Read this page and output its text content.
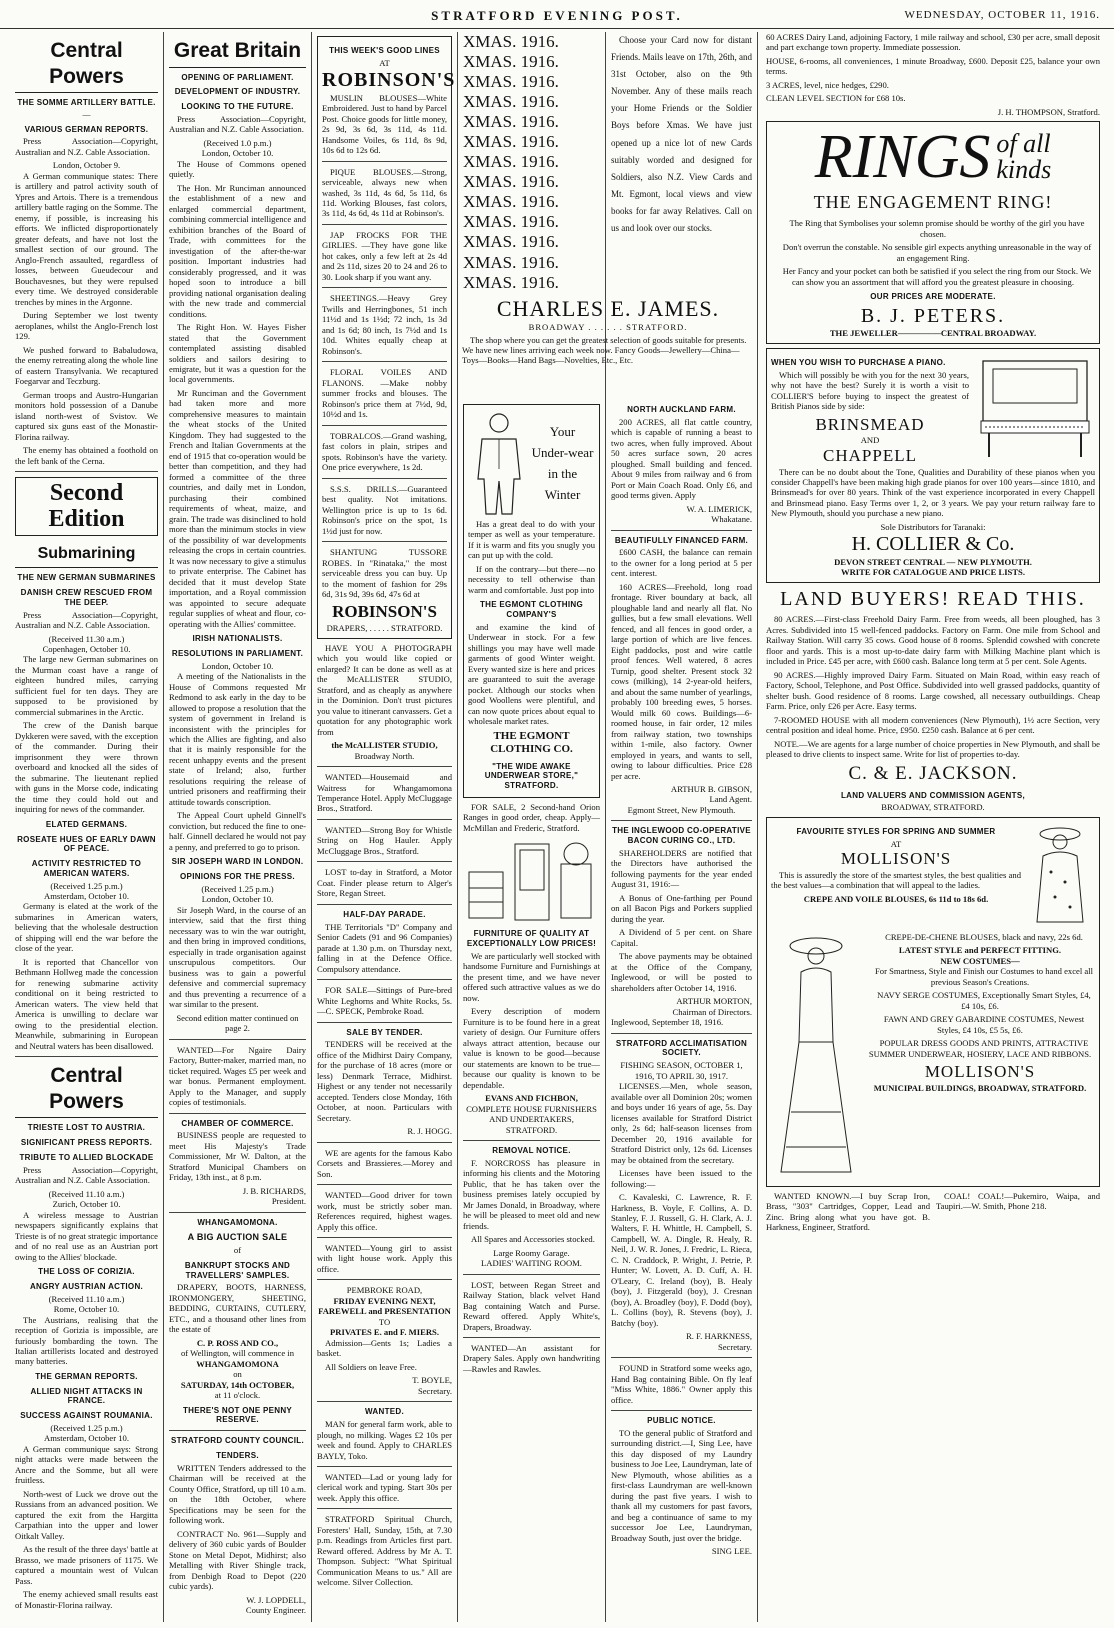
STRATFORD EVENING POST.	WEDNESDAY, OCTOBER 11, 1916.
Central Powers
THE SOMME ARTILLERY BATTLE.
—
VARIOUS GERMAN REPORTS.

Press Association—Copyright, Australian and N.Z. Cable Association.

London, October 9.

A German communique states: There is artillery and patrol activity south of Ypres and Artois. There is a tremendous artillery battle raging on the Somme. The enemy, if possible, is increasing his efforts. We inflicted disproportionately greater defeats, and have not lost the smallest section of our ground. The Anglo-French assaulted, regardless of losses, between Gueudecour and Bouchavesnes, but they were repulsed every time. We destroyed considerable trenches by mines in the Argonne.

During September we lost twenty aeroplanes, whilst the Anglo-French lost 129.

We pushed forward to Babaludowa, the enemy retreating along the whole line of eastern Transylvania. We recaptured Foegarvar and Teczburg.

German troops and Austro-Hungarian monitors hold possession of a Danube island north-west of Svistov. We captured six guns east of the Monastir-Florina railway.

The enemy has obtained a foothold on the left bank of the Cerna.

Second Edition
Submarining
THE NEW GERMAN SUBMARINES
DANISH CREW RESCUED FROM THE DEEP.

Press Association—Copyright, Australian and N.Z. Cable Association.

(Received 11.30 a.m.)
Copenhagen, October 10.

The large new German submarines on the Murman coast have a range of eighteen hundred miles, carrying sufficient fuel for ten days. They are supposed to be provisioned by commercial submarines in the Arctic.

The crew of the Danish barque Dykkeren were saved, with the exception of the commander. During their imprisonment they were thrown overboard and knocked all the sides of the submarine. The lieutenant replied with guns in the Morse code, indicating the time they could hold out and inquiring for news of the commander.

ELATED GERMANS.
ROSEATE HUES OF EARLY DAWN OF PEACE.
ACTIVITY RESTRICTED TO AMERICAN WATERS.
(Received 1.25 p.m.)
Amsterdam, October 10.

Germany is elated at the work of the submarines in American waters, believing that the wholesale destruction of shipping will end the war before the close of the year.

It is reported that Chancellor von Bethmann Hollweg made the concession for renewing submarine activity conditional on it being restricted to American waters. The view held that America is unwilling to declare war owing to the presidential election. Meanwhile, submarining in European and Neutral waters has been disallowed.

Central Powers
TRIESTE LOST TO AUSTRIA.
SIGNIFICANT PRESS REPORTS.
TRIBUTE TO ALLIED BLOCKADE

Press Association—Copyright, Australian and N.Z. Cable Association.

(Received 11.10 a.m.)
Zurich, October 10.

A wireless message to Austrian newspapers significantly explains that Trieste is of no great strategic importance and of no real use as an Austrian port owing to the Allies' blockade.

THE LOSS OF CORIZIA.
ANGRY AUSTRIAN ACTION.
(Received 11.10 a.m.)
Rome, October 10.

The Austrians, realising that the reception of Gorizia is impossible, are furiously bombarding the town. The Italian artillerists located and destroyed many batteries.

THE GERMAN REPORTS.
ALLIED NIGHT ATTACKS IN FRANCE.
SUCCESS AGAINST ROUMANIA.
(Received 1.25 p.m.)
Amsterdam, October 10.

A German communique says: Strong night attacks were made between the Ancre and the Somme, but all were fruitless.

North-west of Luck we drove out the Russians from an advanced position. We captured the exit from the Hargitta Carpathian into the upper and lower Oitkalt Valley.

As the result of the three days' battle at Brasso, we made prisoners of 1175. We captured a mountain west of Vulcan Pass.

The enemy achieved small results east of Monastir-Florina railway.

Great Britain
OPENING OF PARLIAMENT.
DEVELOPMENT OF INDUSTRY.
LOOKING TO THE FUTURE.

Press Association—Copyright, Australian and N.Z. Cable Association.

(Received 1.0 p.m.)
London, October 10.

The House of Commons opened quietly.

The Hon. Mr Runciman announced the establishment of a new and enlarged commercial department, combining commercial intelligence and exhibition branches of the Board of Trade, with committees for the investigation of the after-the-war position. Important industries had considerably progressed, and it was hoped soon to introduce a bill providing national organisation dealing with the new trade and commercial conditions.

The Right Hon. W. Hayes Fisher stated that the Government contemplated assisting disabled soldiers and sailors desiring to emigrate, but it was a question for the local governments.

Mr Runciman and the Government had taken more and more comprehensive measures to maintain the wheat stocks of the United Kingdom. They had suggested to the French and Italian Governments at the end of 1915 that co-operation would be better than competition, and they had formed a committee of the three countries, and daily met in London, purchasing their combined requirements of wheat, maize, and grain. The trade was disinclined to hold more than the minimum stocks in view of the possibility of war developments releasing the crops in certain countries. It was now necessary to give a stimulus to private enterprise. The Cabinet has decided that it must develop State importation, and a Royal commission was appointed to secure adequate regular supplies of wheat and flour, co-operating with the Allies' committee.

IRISH NATIONALISTS.
RESOLUTIONS IN PARLIAMENT.
London, October 10.

A meeting of the Nationalists in the House of Commons requested Mr Redmond to ask early in the day to be allowed to propose a resolution that the system of government in Ireland is inconsistent with the principles for which the Allies are fighting, and also that it is mainly responsible for the recent unhappy events and the present state of Ireland; also, further resolutions requiring the release of untried prisoners and reaffirming their attitude towards conscription.

The Appeal Court upheld Ginnell's conviction, but reduced the fine to one-half. Ginnell declared he would not pay a penny, and preferred to go to prison.

SIR JOSEPH WARD IN LONDON.
OPINIONS FOR THE PRESS.
(Received 1.25 p.m.)
London, October 10.

Sir Joseph Ward, in the course of an interview, said that the first thing necessary was to win the war outright, and then bring in improved conditions, especially in trade organisation against unscrupulous competitors. Our business was to gain a powerful defensive and commercial supremacy and thus preventing a recurrence of a war similar to the present.

Second edition matter continued on page 2.

WANTED—For Ngaire Dairy Factory, Butter-maker, married man, no ticket required. Wages £5 per week and war bonus. Permanent employment. Apply to the Manager, and supply copies of testimonials.

CHAMBER OF COMMERCE.

BUSINESS people are requested to meet His Majesty's Trade Commissioner, Mr W. Dalton, at the Stratford Municipal Chambers on Friday, 13th inst., at 8 p.m.

J. B. RICHARDS,
President.
WHANGAMOMONA.
A BIG AUCTION SALE
of
BANKRUPT STOCKS AND TRAVELLERS' SAMPLES.

DRAPERY, BOOTS, HARNESS, IRONMONGERY, SHEETING, BEDDING, CURTAINS, CUTLERY, ETC., and a thousand other lines from the estate of

C. P. ROSS AND CO.,
of Wellington, will commence in
WHANGAMOMONA
on
SATURDAY, 14th OCTOBER,
at 11 o'clock.
THERE'S NOT ONE PENNY RESERVE.
STRATFORD COUNTY COUNCIL.
TENDERS.

WRITTEN Tenders addressed to the Chairman will be received at the County Office, Stratford, up till 10 a.m. on the 18th October, where Specifications may be seen for the following work.

CONTRACT No. 961—Supply and delivery of 360 cubic yards of Boulder Stone on Metal Depot, Midhirst; also Metalling with River Shingle track, from Denbigh Road to Depot (220 cubic yards).

W. J. LOPDELL,
County Engineer.
THIS WEEK'S GOOD LINES
AT
ROBINSON'S

MUSLIN BLOUSES—White Embroidered. Just to hand by Parcel Post. Choice goods for little money, 2s 9d, 3s 6d, 3s 11d, 4s 11d. Handsome Voiles, 6s 11d, 8s 9d, 10s 6d to 12s 6d.

PIQUE BLOUSES.—Strong, serviceable, always new when washed, 3s 11d, 4s 6d, 5s 11d, 6s 11d. Working Blouses, fast colors, 3s 11d, 4s 6d, 4s 11d at Robinson's.

JAP FROCKS FOR THE GIRLIES. —They have gone like hot cakes, only a few left at 2s 4d and 2s 11d, sizes 20 to 24 and 26 to 30. Look sharp if you want any.

SHEETINGS.—Heavy Grey Twills and Herringbones, 51 inch 11½d and 1s 1½d; 72 inch, 1s 3d and 1s 6d; 80 inch, 1s 7½d and 1s 10d. Whites equally cheap at Robinson's.

FLORAL VOILES AND FLANONS. —Make nobby summer frocks and blouses. The Robinson's price them at 7½d, 9d, 10½d and 1s.

TOBRALCOS.—Grand washing, fast colors in plain, stripes and spots. Robinson's have the variety. One price everywhere, 1s 2d.

S.S.S. DRILLS.—Guaranteed best quality. Not imitations. Wellington price is up to 1s 6d. Robinson's price on the spot, 1s 1½d just for now.

SHANTUNG TUSSORE ROBES. In "Rinataka," the most serviceable dress you can buy. Up to the moment of fashion for 29s 6d, 31s 9d, 39s 6d, 47s 6d at

ROBINSON'S
DRAPERS, . . . . . STRATFORD.

HAVE YOU A PHOTOGRAPH which you would like copied or enlarged? It can be done as well as at the McALLISTER STUDIO, Stratford, and as cheaply as anywhere in the Dominion. Don't trust pictures you value to itinerant canvassers. Get a quotation for any photographic work from

the McALLISTER STUDIO,
Broadway North.

WANTED—Housemaid and Waitress for Whangamomona Temperance Hotel. Apply McCluggage Bros., Stratford.

WANTED—Strong Boy for Whistle String on Hog Hauler. Apply McCluggage Bros., Stratford.

LOST to-day in Stratford, a Motor Coat. Finder please return to Alger's Store, Regan Street.

HALF-DAY PARADE.

THE Territorials "D" Company and Senior Cadets (91 and 96 Companies) parade at 1.30 p.m. on Thursday next, falling in at the Defence Office. Compulsory attendance.

FOR SALE—Sittings of Pure-bred White Leghorns and White Rocks, 5s.—C. SPECK, Pembroke Road.

SALE BY TENDER.

TENDERS will be received at the office of the Midhirst Dairy Company, for the purchase of 18 acres (more or less) Denmark Terrace, Midhirst. Highest or any tender not necessarily accepted. Tenders close Monday, 16th October, at noon. Particulars with Secretary.

R. J. HOGG.

WE are agents for the famous Kabo Corsets and Brassieres.—Morey and Son.

WANTED—Good driver for town work, must be strictly sober man. References required, highest wages. Apply this office.

WANTED—Young girl to assist with light house work. Apply this office.

PEMBROKE ROAD,
FRIDAY EVENING NEXT,
FAREWELL and PRESENTATION
TO
PRIVATES E. and F. MIERS.

Admission—Gents 1s; Ladies a basket.

All Soldiers on leave Free.

T. BOYLE,
Secretary.
WANTED.

MAN for general farm work, able to plough, no milking. Wages £2 10s per week and found. Apply to CHARLES BAYLY, Toko.

WANTED—Lad or young lady for clerical work and typing. Start 30s per week. Apply this office.

STRATFORD Spiritual Church, Foresters' Hall, Sunday, 15th, at 7.30 p.m. Readings from Articles first part. Reward offered. Address by Mr A. T. Thompson. Subject: "What Spiritual Communication Means to us." All are welcome. Silver Collection.

XMAS. 1916.
XMAS. 1916.
XMAS. 1916.
XMAS. 1916.
XMAS. 1916.
XMAS. 1916.
XMAS. 1916.
XMAS. 1916.
XMAS. 1916.
XMAS. 1916.
XMAS. 1916.
XMAS. 1916.
XMAS. 1916.

Choose your Card now for distant Friends. Mails leave on 17th, 26th, and 31st October, also on the 9th November. Any of these mails reach your Home Friends or the Soldier Boys before Xmas. We have just opened up a nice lot of new Cards suitably worded and designed for Soldiers, also N.Z. View Cards and Mt. Egmont, local views and view books for far away Relatives. Call on us and look over our stocks.

CHARLES E. JAMES.
BROADWAY . . . . . . STRATFORD.

The shop where you can get the greatest selection of goods suitable for presents. We have new lines arriving each week now. Fancy Goods—Jewellery—China—Toys—Books—Hand Bags—Novelties, Etc., Etc.

Your Under-wear in the Winter

Has a great deal to do with your temper as well as your temperature. If it is warm and fits you snugly you can put up with the cold.

If on the contrary—but there—no necessity to tell otherwise than warm and comfortable. Just pop into

THE EGMONT CLOTHING COMPANY'S

and examine the kind of Underwear in stock. For a few shillings you may have well made garments of good Winter weight. Every wanted size is here and prices are guaranteed to suit the average pocket. Although our stocks when good Woollens were plentiful, and can now quote prices about equal to wholesale market rates.

THE EGMONT CLOTHING CO.
"THE WIDE AWAKE UNDERWEAR STORE," STRATFORD.

FOR SALE, 2 Second-hand Orion Ranges in good order, cheap. Apply—McMillan and Frederic, Stratford.

FURNITURE OF QUALITY AT EXCEPTIONALLY LOW PRICES!

We are particularly well stocked with handsome Furniture and Furnishings at the present time, and we have never offered such attractive values as we do now.

Every description of modern Furniture is to be found here in a great variety of design. Our Furniture offers always attract attention, because our value is known to be good—because our statements are known to be true—because our quality is known to be dependable.

EVANS AND FICHBON,
COMPLETE HOUSE FURNISHERS AND UNDERTAKERS,
STRATFORD.
REMOVAL NOTICE.

F. NORCROSS has pleasure in informing his clients and the Motoring Public, that he has taken over the business premises lately occupied by Mr James Donald, in Broadway, where he will be pleased to meet old and new friends.

All Spares and Accessories stocked.

Large Roomy Garage.
LADIES' WAITING ROOM.

LOST, between Regan Street and Railway Station, black velvet Hand Bag containing Watch and Purse. Reward offered. Apply White's, Drapers, Broadway.

WANTED—An assistant for Drapery Sales. Apply own handwriting—Rawles and Rawles.

NORTH AUCKLAND FARM.

200 ACRES, all flat cattle country, which is capable of running a beast to two acres, when fully improved. About 50 acres surface sown, 20 acres ploughed. Small building and fenced. About 9 miles from railway and 6 from Port or Main Coach Road. Only £6, and good terms given. Apply

W. A. LIMERICK,
Whakatane.
BEAUTIFULLY FINANCED FARM.

£600 CASH, the balance can remain to the owner for a long period at 5 per cent. interest.

160 ACRES—Freehold, long road frontage. River boundary at back, all ploughable land and nearly all flat. No gullies, but a few small elevations. Well fenced, and all fences in good order, a large portion of which are live fences. Eight paddocks, post and wire cattle proof fences. Well watered, 8 acres Turnip, good shelter. Present stock 32 cows (milking), 14 2-year-old heifers, and about the same number of yearlings, probably 100 breeding ewes, 5 horses. Would milk 60 cows. Buildings—6-roomed house, in fair order, 12 miles from railway station, two townships within 1-mile, also factory. Owner employed in years, and wants to sell, owing to labour difficulties. Price £28 per acre.

ARTHUR B. GIBSON,
Land Agent.
Egmont Street, New Plymouth.
THE INGLEWOOD CO-OPERATIVE BACON CURING CO., LTD.

SHAREHOLDERS are notified that the Directors have authorised the following payments for the year ended August 31, 1916:—

A Bonus of One-farthing per Pound on all Bacon Pigs and Porkers supplied during the year.

A Dividend of 5 per cent. on Share Capital.

The above payments may be obtained at the Office of the Company, Inglewood, or will be posted to shareholders after October 14, 1916.

ARTHUR MORTON,
Chairman of Directors.
Inglewood, September 18, 1916.
STRATFORD ACCLIMATISATION SOCIETY.
FISHING SEASON, OCTOBER 1, 1916, TO APRIL 30, 1917.

LICENSES.—Men, whole season, available over all Dominion 20s; women and boys under 16 years of age, 5s. Day licenses available for Stratford District only, 2s 6d; half-season licenses from December 20, 1916 available for Stratford District only, 12s 6d. Licenses may be obtained from the secretary.

Licenses have been issued to the following:—

C. Kavaleski, C. Lawrence, R. F. Harkness, B. Voyle, F. Collins, A. D. Stanley, F. J. Russell, G. H. Clark, A. J. Walters, F. H. Whittle, H. Campbell, S. Campbell, W. A. Dingle, R. Healy, R. Neil, J. W. R. Jones, J. Fredric, L. Rieca, C. N. Craddock, P. Wright, J. Petrie, P. Hunter; W. Lovett, A. D. Cuff, A. H. O'Leary, C. Ireland (boy), B. Healy (boy), J. Fitzgerald (boy), J. Cresnan (boy), A. Broadley (boy), F. Dodd (boy), L. Collins (boy), R. Stevens (boy), J. Batchy (boy).

R. F. HARKNESS,
Secretary.

FOUND in Stratford some weeks ago, Hand Bag containing Bible. On fly leaf "Miss White, 1886." Owner apply this office.

PUBLIC NOTICE.

TO the general public of Stratford and surrounding district.—I, Sing Lee, have this day disposed of my Laundry business to Joe Lee, Laundryman, late of New Plymouth, whose abilities as a first-class Laundryman are well-known during the past five years. I wish to thank all my customers for past favors, and beg a continuance of same to my successor Joe Lee, Laundryman, Broadway South, just over the bridge.

SING LEE.

60 ACRES Dairy Land, adjoining Factory, 1 mile railway and school, £30 per acre, small deposit and part exchange town property. Immediate possession.

HOUSE, 6-rooms, all conveniences, 1 minute Broadway, £600. Deposit £25, balance your own terms.

3 ACRES, level, nice hedges, £290.

CLEAN LEVEL SECTION for £68 10s.

J. H. THOMPSON, Stratford.
RINGS of all
kinds
THE ENGAGEMENT RING!

The Ring that Symbolises your solemn promise should be worthy of the girl you have chosen.

Don't overrun the constable. No sensible girl expects anything unreasonable in the way of an engagement Ring.

Her Fancy and your pocket can both be satisfied if you select the ring from our Stock. We can show you an assortment that will afford you the greatest pleasure in choosing.

OUR PRICES ARE MODERATE.
B. J. PETERS.
THE JEWELLER—————CENTRAL BROADWAY.
WHEN YOU WISH TO PURCHASE A PIANO.

Which will possibly be with you for the next 30 years, why not have the best? Surely it is worth a visit to COLLIER'S before buying to inspect the greatest of British Pianos side by side:

BRINSMEAD
AND
CHAPPELL

There can be no doubt about the Tone, Qualities and Durability of these pianos when you consider Chappell's have been making high grade pianos for over 100 years—since 1810, and Brinsmead's for over 80 years. Think of the vast experience incorporated in every Chappell and Brinsmead piano. Easy Terms over 1, 2, or 3 years. We pay your return railway fare to New Plymouth, should you purchase a new piano.

Sole Distributors for Taranaki:
H. COLLIER & Co.
DEVON STREET CENTRAL — NEW PLYMOUTH.
WRITE FOR CATALOGUE AND PRICE LISTS.
LAND BUYERS! READ THIS.

80 ACRES.—First-class Freehold Dairy Farm. Free from weeds, all been ploughed, has 3 Acres. Subdivided into 15 well-fenced paddocks. Factory on Farm. One mile from School and Railway Station. Will carry 35 cows. Good house of 8 rooms. Splendid cowshed with concrete floor and yards. This is a most up-to-date dairy farm with Milking Machine plant which is included in Price. £45 per acre, with £600 cash. Balance long term at 5 per cent. Sole Agents.

90 ACRES.—Highly improved Dairy Farm. Situated on Main Road, within easy reach of Factory, School, Telephone, and Post Office. Subdivided into well grassed paddocks, quantity of shelter bush. Good residence of 8 rooms. Large cowshed, all necessary outbuildings. Cheap Farm. Price, only £26 per Acre. Easy terms.

7-ROOMED HOUSE with all modern conveniences (New Plymouth), 1½ acre Section, very central position and ideal home. Price, £950. £250 cash. Balance at 6 per cent.

NOTE.—We are agents for a large number of choice properties in New Plymouth, and shall be pleased to drive clients to inspect same. Write for list of properties to-day.

C. & E. JACKSON.
LAND VALUERS AND COMMISSION AGENTS,
BROADWAY, STRATFORD.
FAVOURITE STYLES FOR SPRING AND SUMMER
AT
MOLLISON'S

This is assuredly the store of the smartest styles, the best qualities and the best values—a combination that will appeal to the ladies.

CREPE AND VOILE BLOUSES, 6s 11d to 18s 6d.

CREPE-DE-CHENE BLOUSES, black and navy, 22s 6d.

LATEST STYLE and PERFECT FITTING.
NEW COSTUMES—

For Smartness, Style and Finish our Costumes to hand excel all previous Season's Creations.

NAVY SERGE COSTUMES, Exceptionally Smart Styles, £4, £4 10s, £6.

FAWN AND GREY GABARDINE COSTUMES, Newest Styles, £4 10s, £5 5s, £6.

POPULAR DRESS GOODS AND PRINTS, ATTRACTIVE SUMMER UNDERWEAR, HOSIERY, LACE AND RIBBONS.

MOLLISON'S
MUNICIPAL BUILDINGS, BROADWAY, STRATFORD.

WANTED KNOWN.—I buy Scrap Iron, Brass, "303" Cartridges, Copper, Lead and Zinc. Bring along what you have got. B. Harkness, Engineer, Stratford.

COAL! COAL!—Pukemiro, Waipa, and Taupiri.—W. Smith, Phone 218.
